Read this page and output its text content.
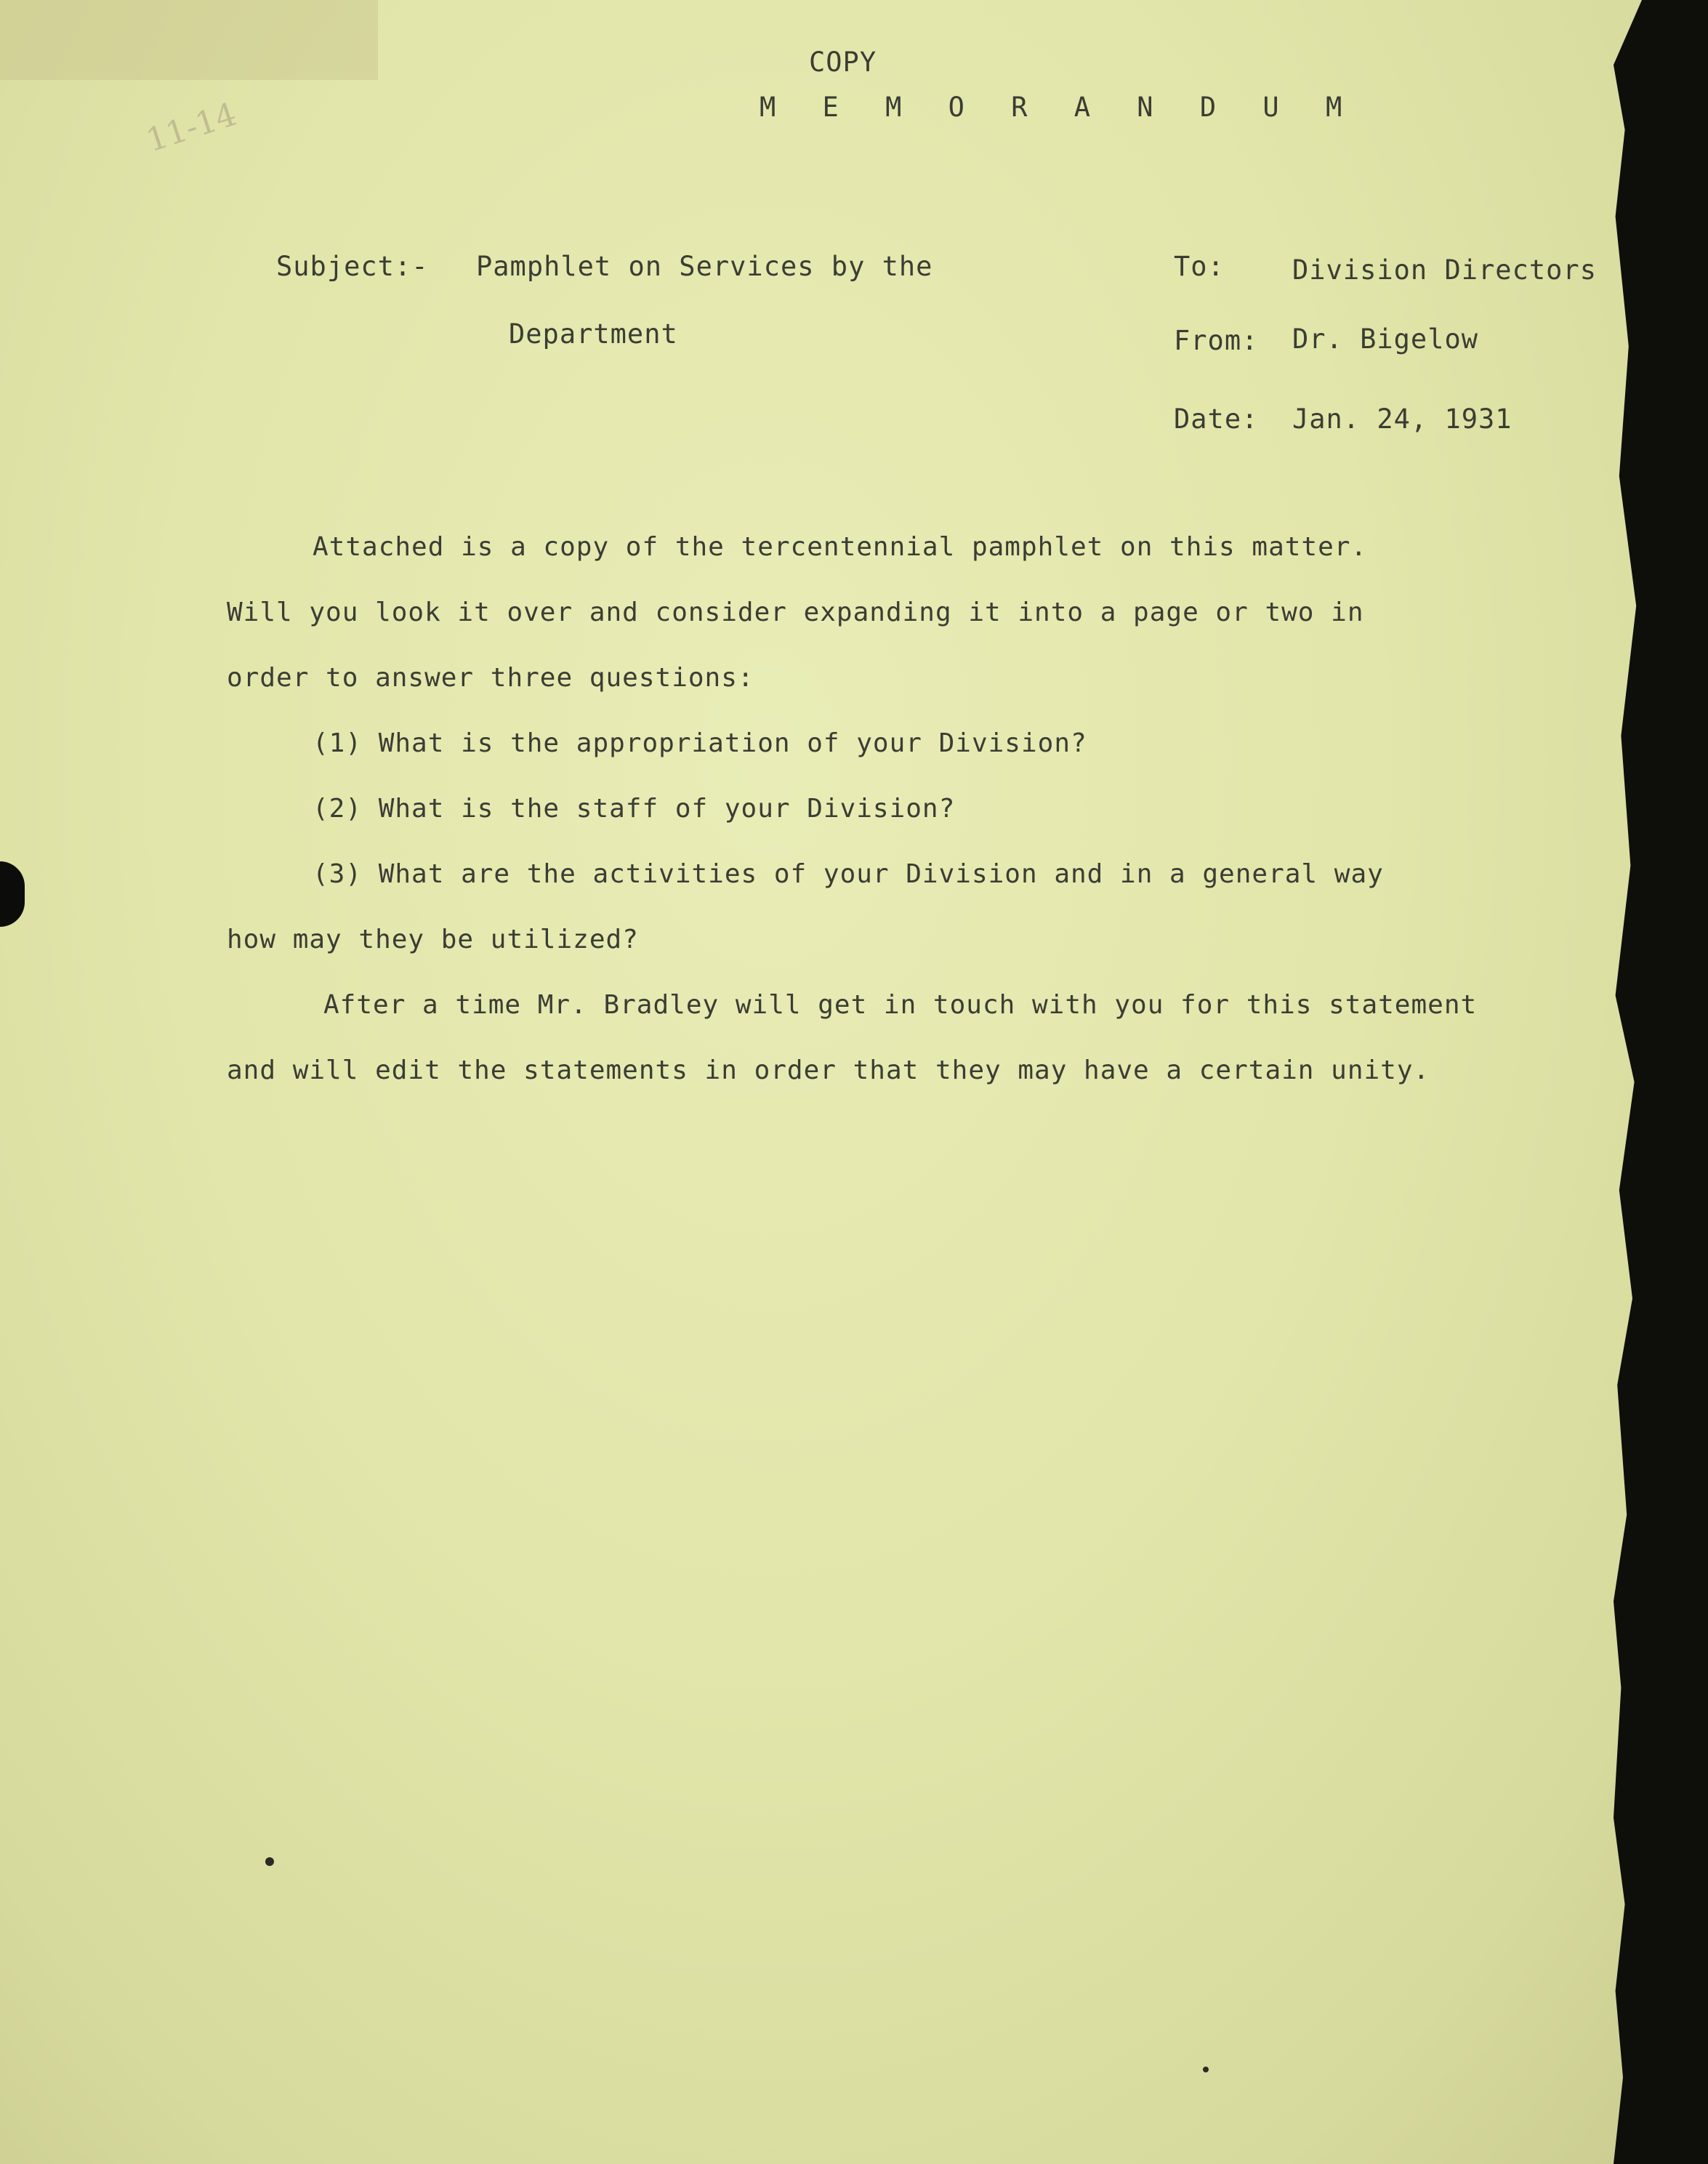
11-14
COPY
M E M O R A N D U M
Subject:- Pamphlet on Services by the
Department
To:	Division Directors
From: Dr. Bigelow
Date: Jan. 24, 1931
Attached is a copy of the tercentennial pamphlet on this matter.
Will you look it over and consider expanding it into a page or two in
order to answer three questions:
(1) What is the appropriation of your Division?
(2) What is the staff of your Division?
(3) What are the activities of your Division and in a general way
how may they be utilized?
After a time Mr. Bradley will get in touch with you for this statement
and will edit the statements in order that they may have a certain unity.
